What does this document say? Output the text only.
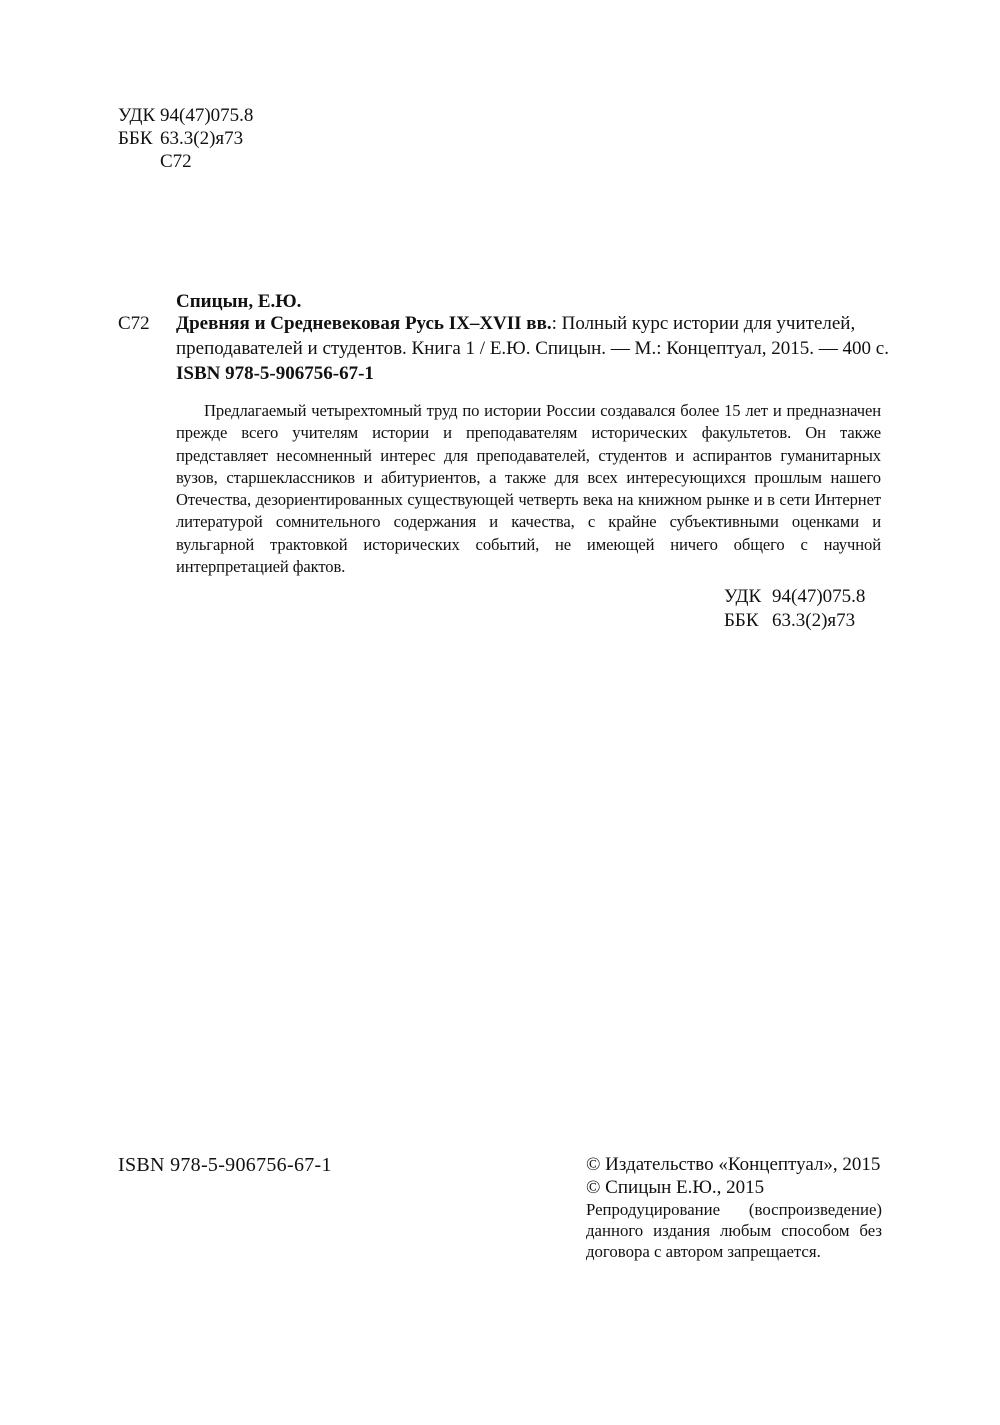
УДК 94(47)075.8
ББК 63.3(2)я73
С72
Спицын, Е.Ю.
С72 Древняя и Средневековая Русь IX–XVII вв.: Полный курс истории для учителей,
преподавателей и студентов. Книга 1 / Е.Ю. Спицын. — М.: Концептуал, 2015. — 400 с.
ISBN 978-5-906756-67-1

Предлагаемый четырехтомный труд по истории России создавался более 15 лет и предназначен прежде всего учителям истории и преподавателям исторических факультетов. Он также представляет несомненный интерес для преподавателей, студентов и аспирантов гуманитарных вузов, старшеклассников и абитуриентов, а также для всех интересующихся прошлым нашего Отечества, дезориентированных существующей четверть века на книжном рынке и в сети Интернет литературой сомнительного содержания и качества, с крайне субъективными оценками и вульгарной трактовкой исторических событий, не имеющей ничего общего с научной интерпретацией фактов.

УДК 94(47)075.8
ББК 63.3(2)я73
ISBN 978-5-906756-67-1	© Издательство «Концептуал», 2015
© Спицын Е.Ю., 2015

Репродуцирование (воспроизведение) данного издания любым способом без договора с автором запрещается.
